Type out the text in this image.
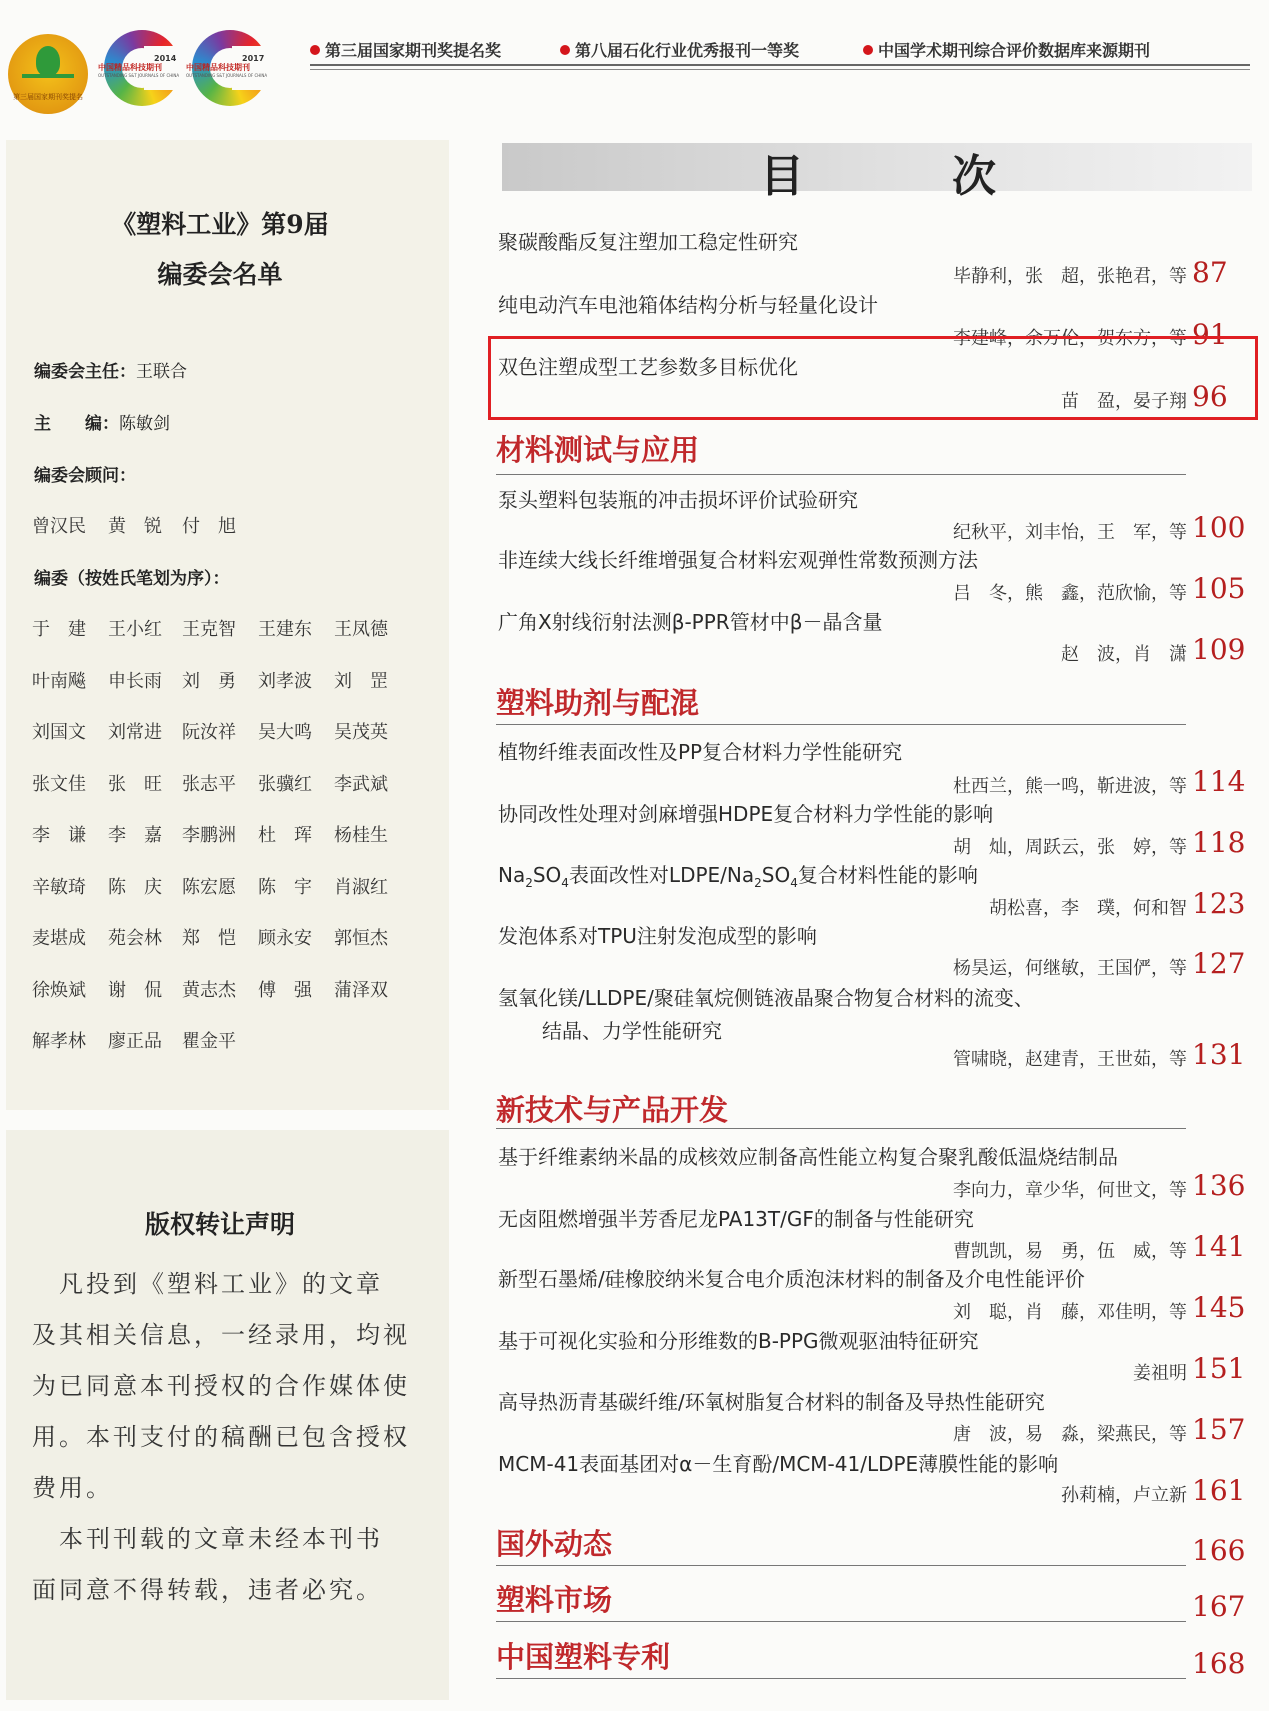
第三届国家期刊奖提名
2014
中国精品科技期刊
OUTSTANDING S&T JOURNALS OF CHINA
2017
中国精品科技期刊
OUTSTANDING S&T JOURNALS OF CHINA
第三届国家期刊奖提名奖	第八届石化行业优秀报刊一等奖	中国学术期刊综合评价数据库来源期刊
《塑料工业》第9届
编委会名单
编委会主任：王联合
主　　编：陈敏剑
编委会顾问：
曾汉民 黄　锐 付　旭
编委（按姓氏笔划为序）：
于　建 王小红 王克智 王建东 王凤德
叶南飚 申长雨 刘　勇 刘孝波 刘　罡
刘国文 刘常进 阮汝祥 吴大鸣 吴茂英
张文佳 张　旺 张志平 张骥红 李武斌
李　谦 李　嘉 李鹏洲 杜　珲 杨桂生
辛敏琦 陈　庆 陈宏愿 陈　宇 肖淑红
麦堪成 苑会林 郑　恺 顾永安 郭恒杰
徐焕斌 谢　侃 黄志杰 傅　强 蒲泽双
解孝林 廖正品 瞿金平
版权转让声明
　凡投到《塑料工业》的文章
及其相关信息，一经录用，均视
为已同意本刊授权的合作媒体使
用。本刊支付的稿酬已包含授权
费用。
　本刊刊载的文章未经本刊书
面同意不得转载，违者必究。
目	次
聚碳酸酯反复注塑加工稳定性研究
毕静利，张　超，张艳君，等 87
纯电动汽车电池箱体结构分析与轻量化设计
李建峰，余万伦，贺东方，等 91
双色注塑成型工艺参数多目标优化
苗　盈，晏子翔 96
材料测试与应用
泵头塑料包装瓶的冲击损坏评价试验研究
纪秋平，刘丰怡，王　军，等 100
非连续大线长纤维增强复合材料宏观弹性常数预测方法
吕　冬，熊　鑫，范欣愉，等 105
广角X射线衍射法测β-PPR管材中β－晶含量
赵　波，肖　潇 109
塑料助剂与配混
植物纤维表面改性及PP复合材料力学性能研究
杜西兰，熊一鸣，靳进波，等 114
协同改性处理对剑麻增强HDPE复合材料力学性能的影响
胡　灿，周跃云，张　婷，等 118
$Na_2SO_4$表面改性对LDPE/$Na_2SO_4$复合材料性能的影响
胡松喜，李　璞，何和智 123
发泡体系对TPU注射发泡成型的影响
杨昊运，何继敏，王国俨，等 127
氢氧化镁/LLDPE/聚硅氧烷侧链液晶聚合物复合材料的流变、
结晶、力学性能研究
管啸晓，赵建青，王世茹，等 131
新技术与产品开发
基于纤维素纳米晶的成核效应制备高性能立构复合聚乳酸低温烧结制品
李向力，章少华，何世文，等 136
无卤阻燃增强半芳香尼龙PA13T/GF的制备与性能研究
曹凯凯，易　勇，伍　威，等 141
新型石墨烯/硅橡胶纳米复合电介质泡沫材料的制备及介电性能评价
刘　聪，肖　藤，邓佳明，等 145
基于可视化实验和分形维数的B-PPG微观驱油特征研究
姜祖明 151
高导热沥青基碳纤维/环氧树脂复合材料的制备及导热性能研究
唐　波，易　淼，梁燕民，等 157
MCM-41表面基团对α－生育酚/MCM-41/LDPE薄膜性能的影响
孙莉楠，卢立新 161
国外动态	166
塑料市场	167
中国塑料专利	168
